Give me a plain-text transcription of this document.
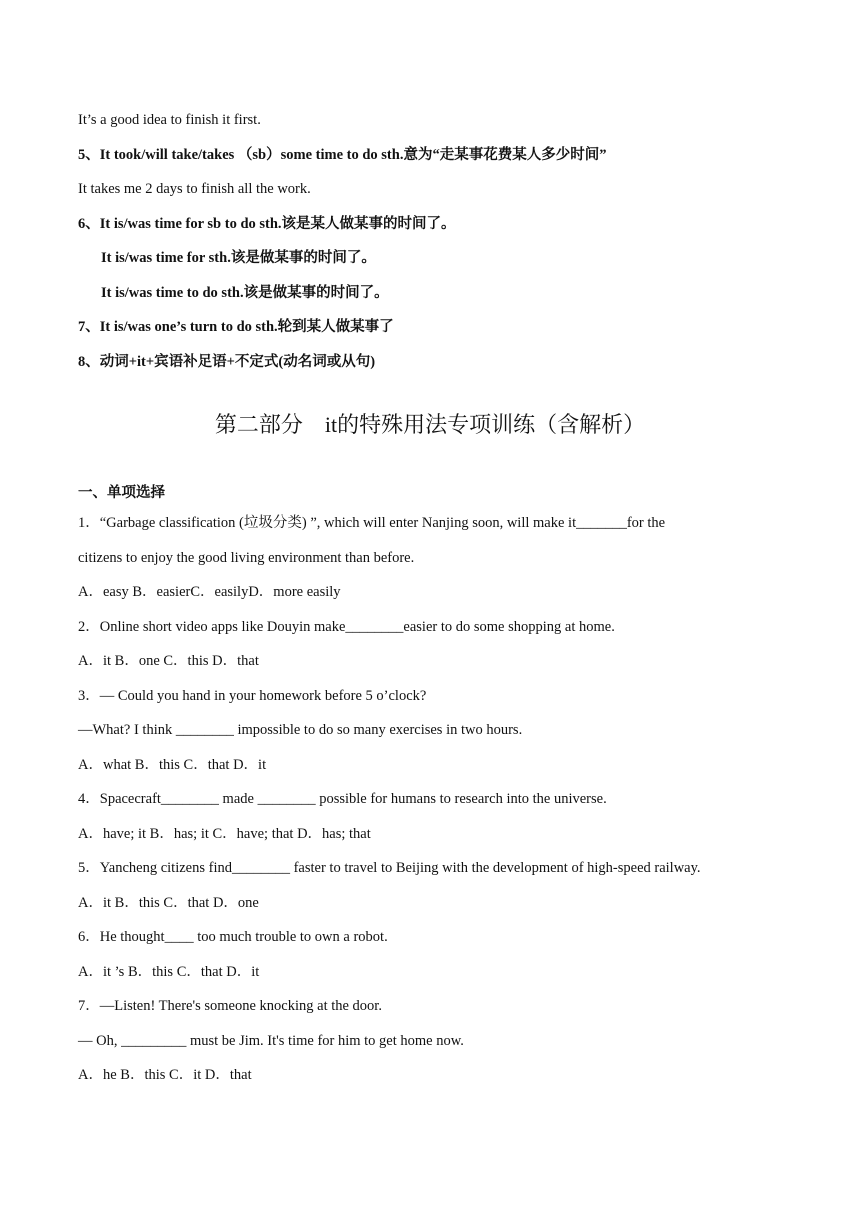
It’s a good idea to finish it first.

5、It took/will take/takes （sb）some time to do sth.意为“走某事花费某人多少时间”

It takes me 2 days to finish all the work.

6、It is/was time for sb to do sth.该是某人做某事的时间了。

It is/was time for sth.该是做某事的时间了。

It is/was time to do sth.该是做某事的时间了。

7、It is/was one’s turn to do sth.轮到某人做某事了

8、动词+it+宾语补足语+不定式(动名词或从句)

第二部分　it的特殊用法专项训练（含解析）

一、单项选择

1．“Garbage classification (垃圾分类) ”, which will enter Nanjing soon, will make it_______for the

citizens to enjoy the good living environment than before.

A．easy B．easierC．easilyD．more easily

2．Online short video apps like Douyin make________easier to do some shopping at home.

A．it B．one C．this D．that

3．— Could you hand in your homework before 5 o’clock?

—What? I think ________ impossible to do so many exercises in two hours.

A．what B．this C．that D．it

4．Spacecraft________ made ________ possible for humans to research into the universe.

A．have; it B．has; it C．have; that D．has; that

5．Yancheng citizens find________ faster to travel to Beijing with the development of high-speed railway.

A．it B．this C．that D．one

6．He thought____ too much trouble to own a robot.

A．it ’s B．this C．that D．it

7．—Listen! There's someone knocking at the door.

— Oh, _________ must be Jim. It's time for him to get home now.

A．he B．this C．it D．that
